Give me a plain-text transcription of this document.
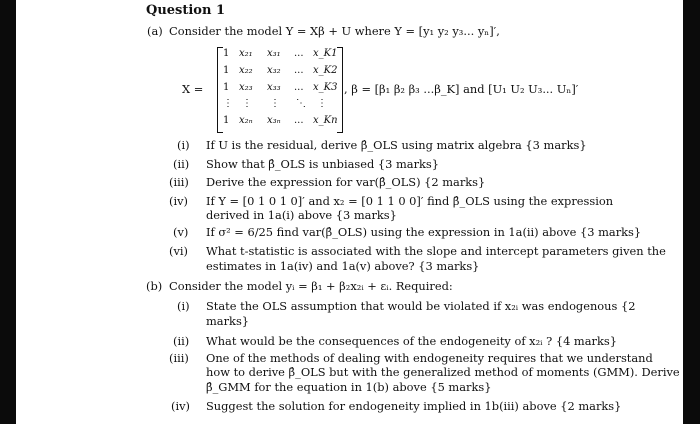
Question 1
(a) Consider the model Y = Xβ + U where Y = [y₁ y₂ y₃... yₙ]′,
X =
1 x₂₁ x₃₁ ... x_K1
1 x₂₂ x₃₂ ... x_K2
1 x₂₃ x₃₃ ... x_K3
⋮ ⋮ ⋮ ⋱ ⋮
1 x₂ₙ x₃ₙ ... x_Kn
, β = [β₁ β₂ β₃ ...β_K] and [U₁ U₂ U₃... Uₙ]′
(i) If U is the residual, derive β̂_OLS using matrix algebra {3 marks}
(ii) Show that β̂_OLS is unbiased {3 marks}
(iii) Derive the expression for var(β̂_OLS) {2 marks}
(iv) If Y = [0 1 0 1 0]′ and x₂ = [0 1 1 0 0]′ find β̂_OLS using the expression
derived in 1a(i) above {3 marks}
(v) If σ² = 6/25 find var(β̂_OLS) using the expression in 1a(ii) above {3 marks}
(vi) What t-statistic is associated with the slope and intercept parameters given the
estimates in 1a(iv) and 1a(v) above? {3 marks}
(b) Consider the model yᵢ = β₁ + β₂x₂ᵢ + εᵢ. Required:
(i) State the OLS assumption that would be violated if x₂ᵢ was endogenous {2
marks}
(ii) What would be the consequences of the endogeneity of x₂ᵢ ? {4 marks}
(iii) One of the methods of dealing with endogeneity requires that we understand
how to derive β̂_OLS but with the generalized method of moments (GMM). Derive
β̂_GMM for the equation in 1(b) above {5 marks}
(iv) Suggest the solution for endogeneity implied in 1b(iii) above {2 marks}
